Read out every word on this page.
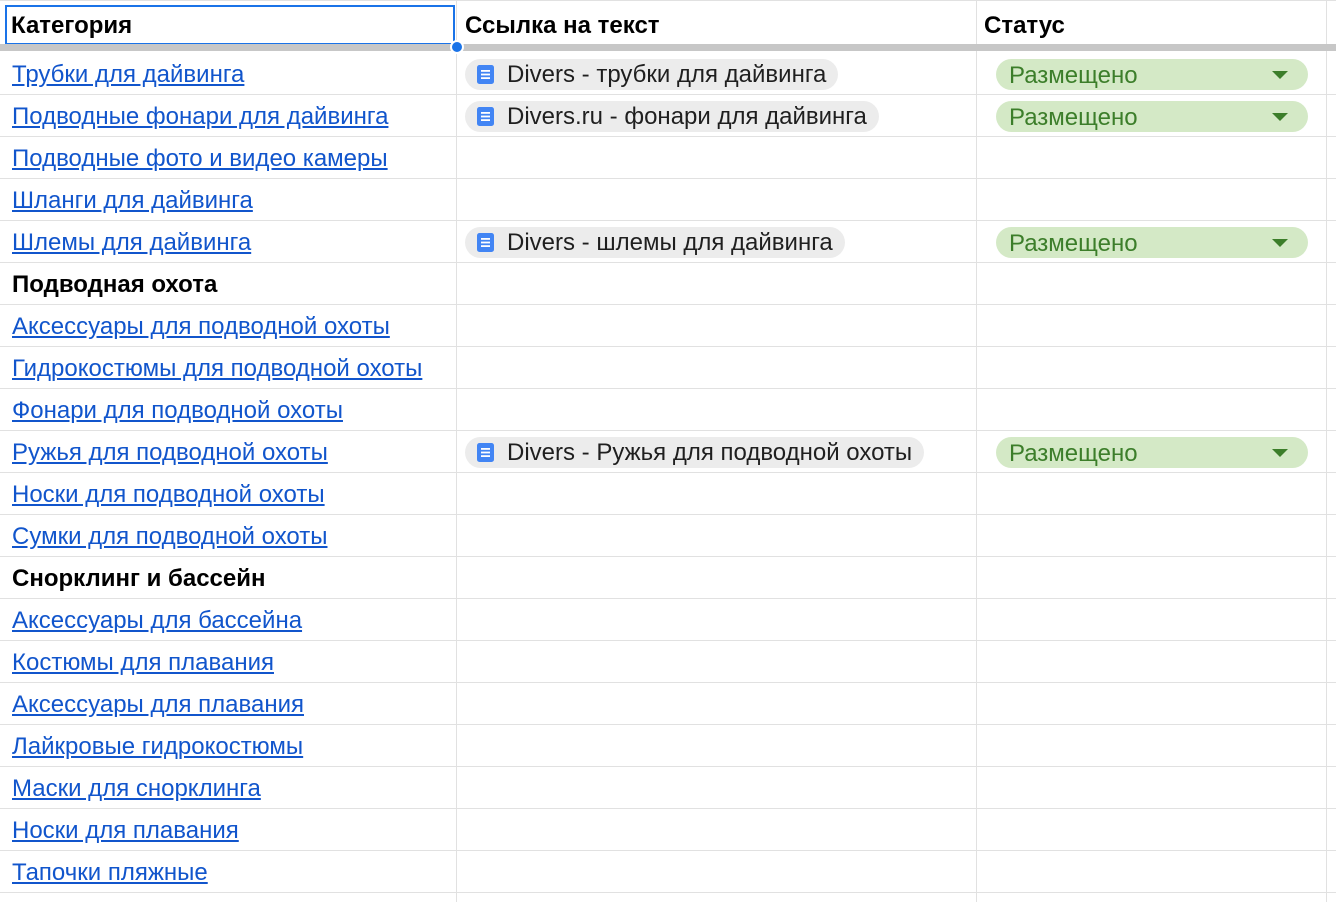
Категория	Ссылка на текст	Статус
Трубки для дайвинга	Divers - трубки для дайвинга	Размещено
Подводные фонари для дайвинга	Divers.ru - фонари для дайвинга	Размещено
Подводные фото и видео камеры
Шланги для дайвинга
Шлемы для дайвинга	Divers - шлемы для дайвинга	Размещено
Подводная охота
Аксессуары для подводной охоты
Гидрокостюмы для подводной охоты
Фонари для подводной охоты
Ружья для подводной охоты	Divers - Ружья для подводной охоты	Размещено
Носки для подводной охоты
Сумки для подводной охоты
Снорклинг и бассейн
Аксессуары для бассейна
Костюмы для плавания
Аксессуары для плавания
Лайкровые гидрокостюмы
Маски для снорклинга
Носки для плавания
Тапочки пляжные
